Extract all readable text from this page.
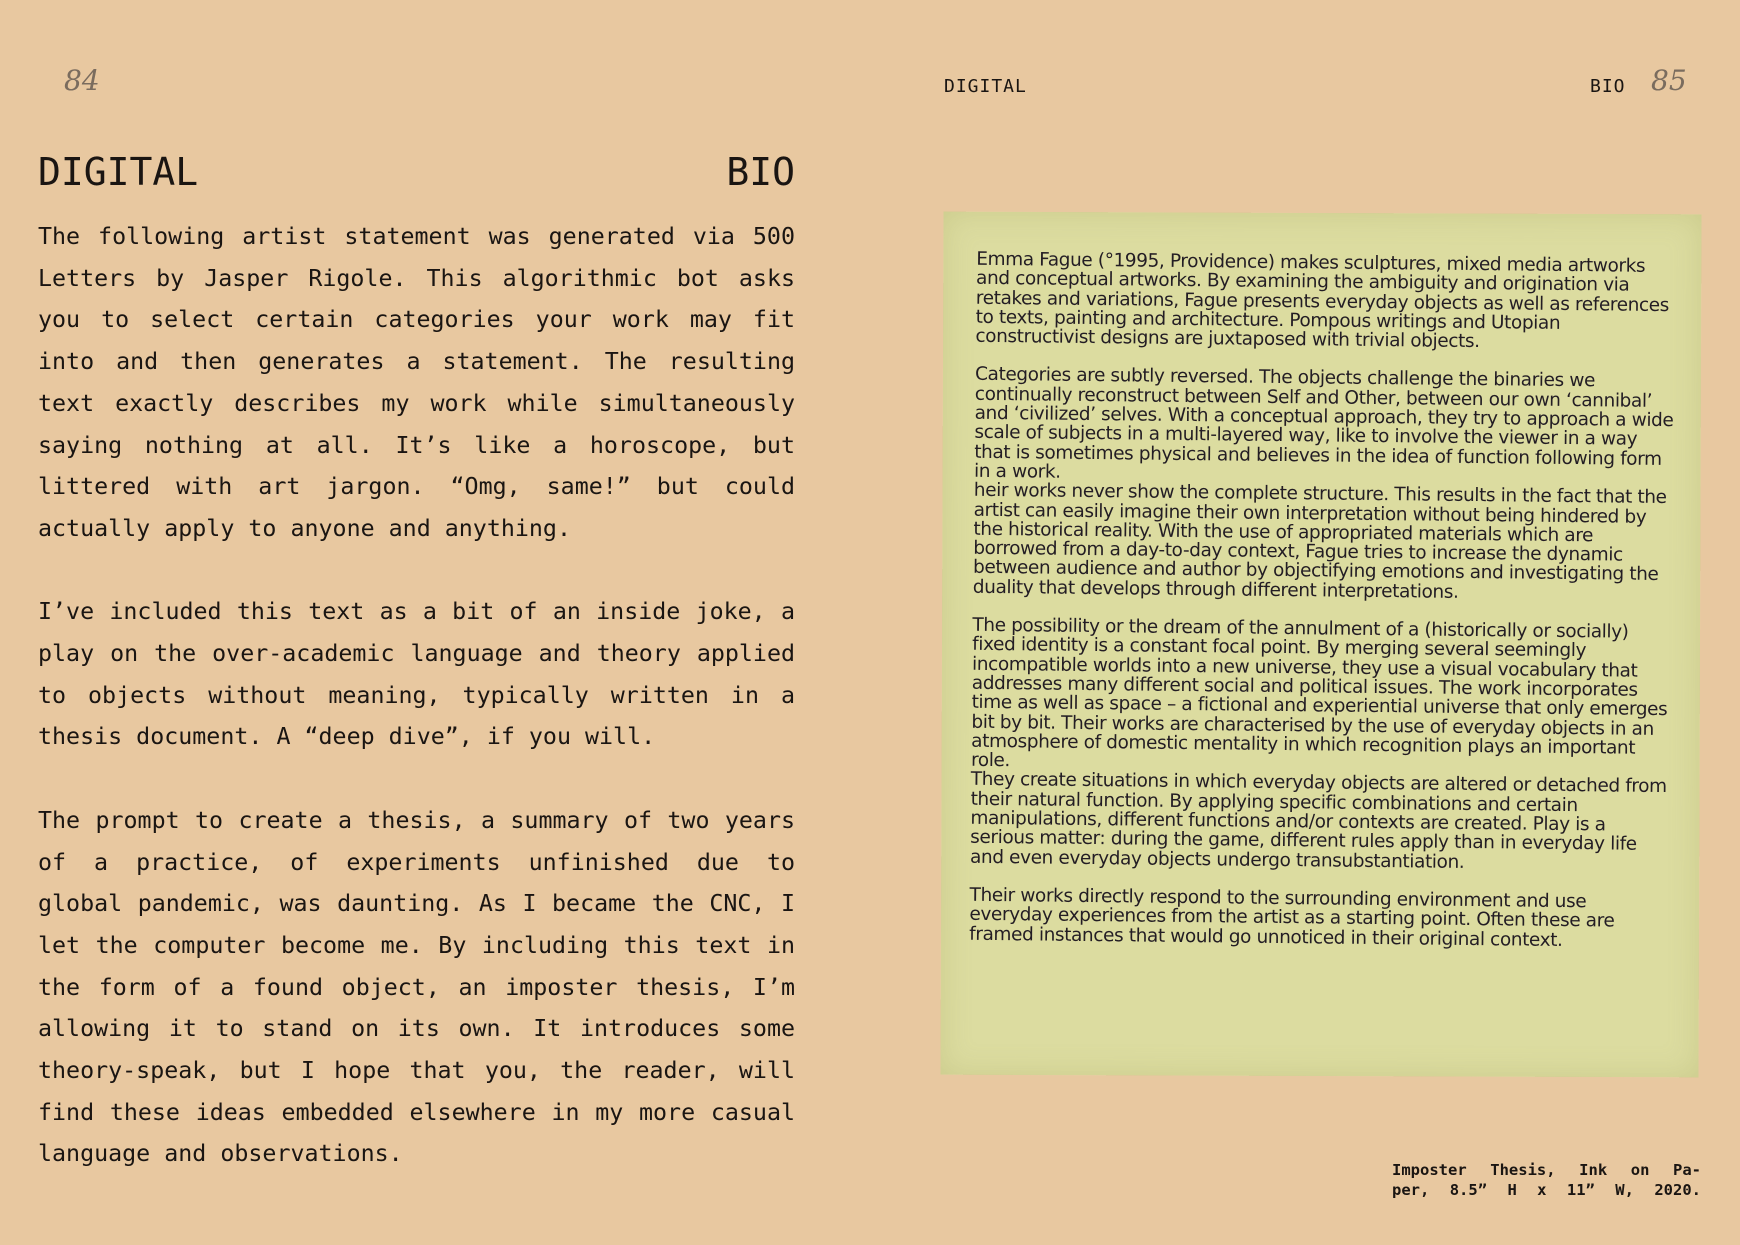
84	DIGITAL	BIO 85
DIGITAL	BIO

The following artist statement was generated via 500 Letters by Jasper Rigole. This algorithmic bot asks you to select certain categories your work may fit into and then generates a statement. The resulting text exactly describes my work while simultaneously saying nothing at all. It’s like a horoscope, but littered with art jargon. “Omg, same!” but could actually apply to anyone and anything.

I’ve included this text as a bit of an inside joke, a play on the over-academic language and theory applied to objects without meaning, typically written in a thesis document. A “deep dive”, if you will.

The prompt to create a thesis, a summary of two years of a practice, of experiments unfinished due to global pandemic, was daunting. As I became the CNC, I let the computer become me. By including this text in the form of a found object, an imposter thesis, I’m allowing it to stand on its own. It introduces some theory-speak, but I hope that you, the reader, will find these ideas embedded elsewhere in my more casual language and observations.

Emma Fague (°1995, Providence) makes sculptures, mixed media artworks and conceptual artworks. By examining the ambiguity and origination via retakes and variations, Fague presents everyday objects as well as references to texts, painting and architecture. Pompous writings and Utopian constructivist designs are juxtaposed with trivial objects.

Categories are subtly reversed. The objects challenge the binaries we continually reconstruct between Self and Other, between our own ‘cannibal’ and ‘civilized’ selves. With a conceptual approach, they try to approach a wide scale of subjects in a multi-layered way, like to involve the viewer in a way that is sometimes physical and believes in the idea of function following form in a work.

heir works never show the complete structure. This results in the fact that the artist can easily imagine their own interpretation without being hindered by the historical reality. With the use of appropriated materials which are borrowed from a day-to-day context, Fague tries to increase the dynamic between audience and author by objectifying emotions and investigating the duality that develops through different interpretations.

The possibility or the dream of the annulment of a (historically or socially) fixed identity is a constant focal point. By merging several seemingly incompatible worlds into a new universe, they use a visual vocabulary that addresses many different social and political issues. The work incorporates time as well as space – a fictional and experiential universe that only emerges bit by bit. Their works are characterised by the use of everyday objects in an atmosphere of domestic mentality in which recognition plays an important role.

They create situations in which everyday objects are altered or detached from their natural function. By applying specific combinations and certain manipulations, different functions and/or contexts are created. Play is a serious matter: during the game, different rules apply than in everyday life and even everyday objects undergo transubstantiation.

Their works directly respond to the surrounding environment and use everyday experiences from the artist as a starting point. Often these are framed instances that would go unnoticed in their original context.

Imposter Thesis, Ink on Pa-
per, 8.5” H x 11” W, 2020.
